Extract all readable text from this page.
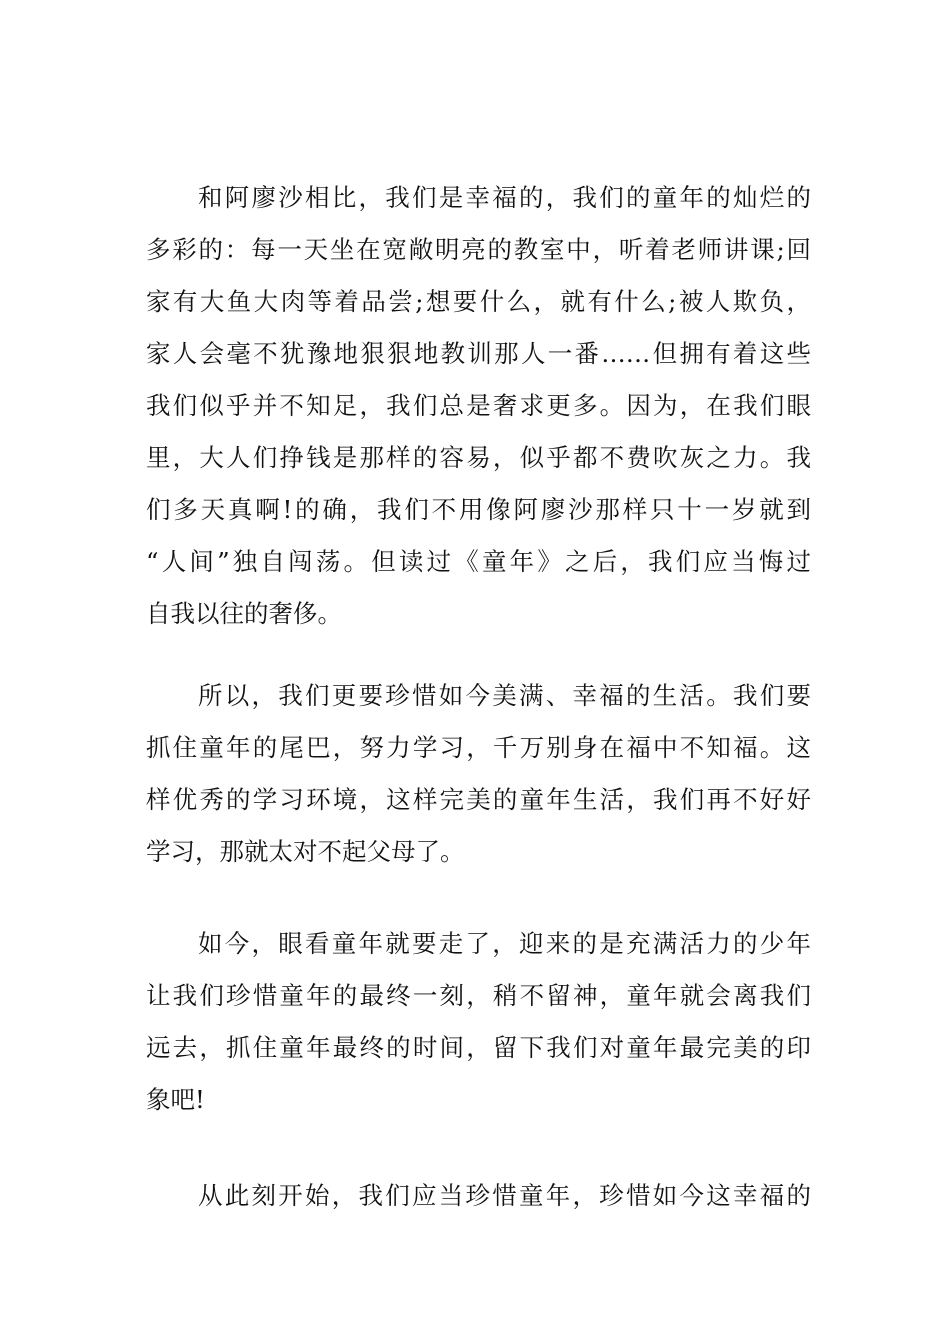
和阿廖沙相比，我们是幸福的，我们的童年的灿烂的
多彩的：每一天坐在宽敞明亮的教室中，听着老师讲课;回
家有大鱼大肉等着品尝;想要什么，就有什么;被人欺负，
家人会毫不犹豫地狠狠地教训那人一番……但拥有着这些
我们似乎并不知足，我们总是奢求更多。因为，在我们眼
里，大人们挣钱是那样的容易，似乎都不费吹灰之力。我
们多天真啊!的确，我们不用像阿廖沙那样只十一岁就到
“人间”独自闯荡。但读过《童年》之后，我们应当悔过
自我以往的奢侈。
所以，我们更要珍惜如今美满、幸福的生活。我们要
抓住童年的尾巴，努力学习，千万别身在福中不知福。这
样优秀的学习环境，这样完美的童年生活，我们再不好好
学习，那就太对不起父母了。
如今，眼看童年就要走了，迎来的是充满活力的少年
让我们珍惜童年的最终一刻，稍不留神，童年就会离我们
远去，抓住童年最终的时间，留下我们对童年最完美的印
象吧!
从此刻开始，我们应当珍惜童年，珍惜如今这幸福的
